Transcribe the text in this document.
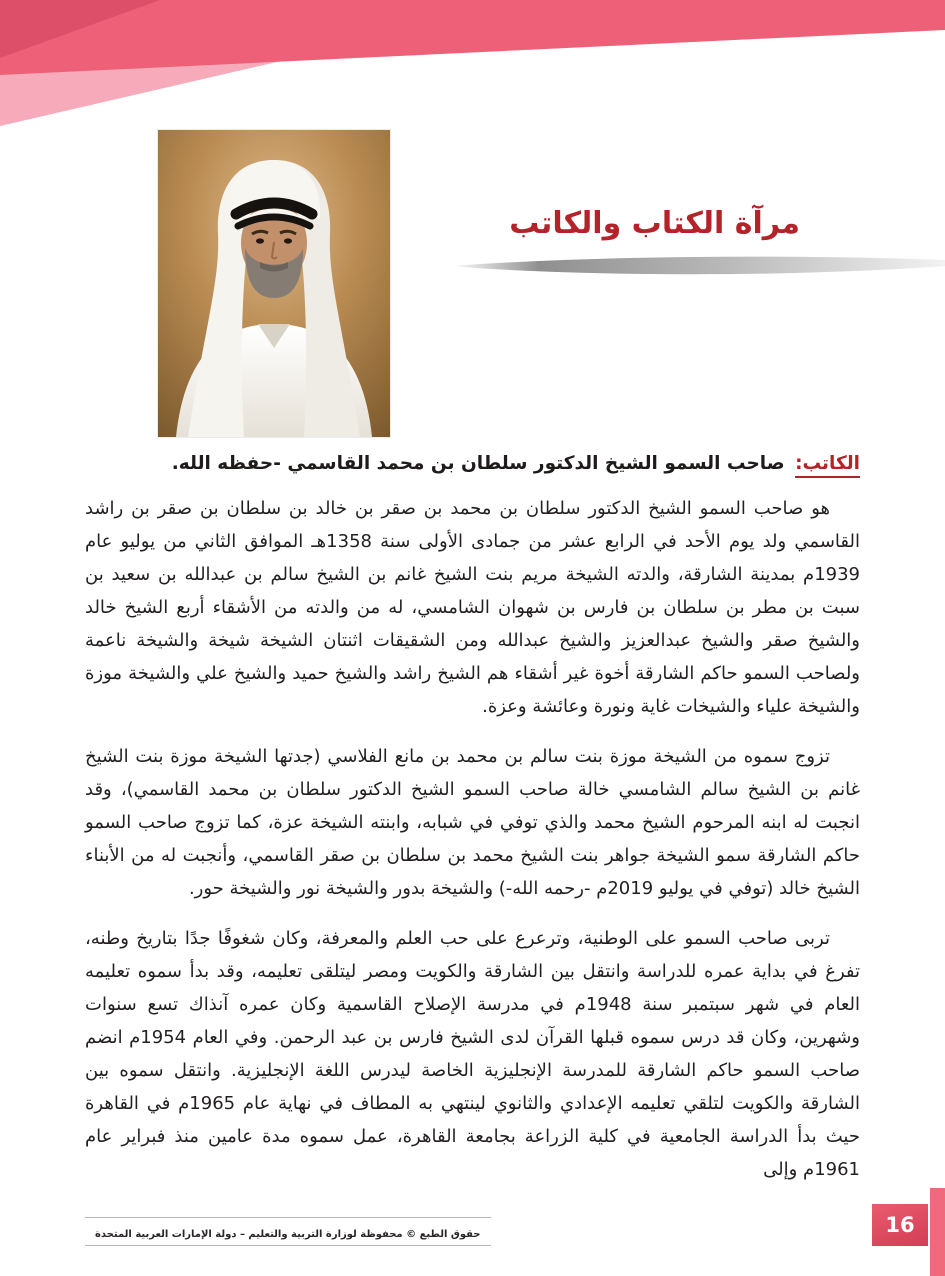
مرآة الكتاب والكاتب

الكاتب: صاحب السمو الشيخ الدكتور سلطان بن محمد القاسمي -حفظه الله.

هو صاحب السمو الشيخ الدكتور سلطان بن محمد بن صقر بن خالد بن سلطان بن صقر بن راشد القاسمي ولد يوم الأحد في الرابع عشر من جمادى الأولى سنة 1358هـ الموافق الثاني من يوليو عام 1939م بمدينة الشارقة، والدته الشيخة مريم بنت الشيخ غانم بن الشيخ سالم بن عبدالله بن سعيد بن سبت بن مطر بن سلطان بن فارس بن شهوان الشامسي، له من والدته من الأشقاء أربع الشيخ خالد والشيخ صقر والشيخ عبدالعزيز والشيخ عبدالله ومن الشقيقات اثنتان الشيخة شيخة والشيخة ناعمة ولصاحب السمو حاكم الشارقة أخوة غير أشقاء هم الشيخ راشد والشيخ حميد والشيخ علي والشيخة موزة والشيخة علياء والشيخات غاية ونورة وعائشة وعزة.

تزوج سموه من الشيخة موزة بنت سالم بن محمد بن مانع الفلاسي (جدتها الشيخة موزة بنت الشيخ غانم بن الشيخ سالم الشامسي خالة صاحب السمو الشيخ الدكتور سلطان بن محمد القاسمي)، وقد انجبت له ابنه المرحوم الشيخ محمد والذي توفي في شبابه، وابنته الشيخة عزة، كما تزوج صاحب السمو حاكم الشارقة سمو الشيخة جواهر بنت الشيخ محمد بن سلطان بن صقر القاسمي، وأنجبت له من الأبناء الشيخ خالد (توفي في يوليو 2019م -رحمه الله-) والشيخة بدور والشيخة نور والشيخة حور.

تربى صاحب السمو على الوطنية، وترعرع على حب العلم والمعرفة، وكان شغوفًا جدًا بتاريخ وطنه، تفرغ في بداية عمره للدراسة وانتقل بين الشارقة والكويت ومصر ليتلقى تعليمه، وقد بدأ سموه تعليمه العام في شهر سبتمبر سنة 1948م في مدرسة الإصلاح القاسمية وكان عمره آنذاك تسع سنوات وشهرين، وكان قد درس سموه قبلها القرآن لدى الشيخ فارس بن عبد الرحمن. وفي العام 1954م انضم صاحب السمو حاكم الشارقة للمدرسة الإنجليزية الخاصة ليدرس اللغة الإنجليزية. وانتقل سموه بين الشارقة والكويت لتلقي تعليمه الإعدادي والثانوي لينتهي به المطاف في نهاية عام 1965م في القاهرة حيث بدأ الدراسة الجامعية في كلية الزراعة بجامعة القاهرة، عمل سموه مدة عامين منذ فبراير عام 1961م وإلى

حقوق الطبع © محفوظة لوزارة التربية والتعليم – دولة الإمارات العربية المتحدة	16
